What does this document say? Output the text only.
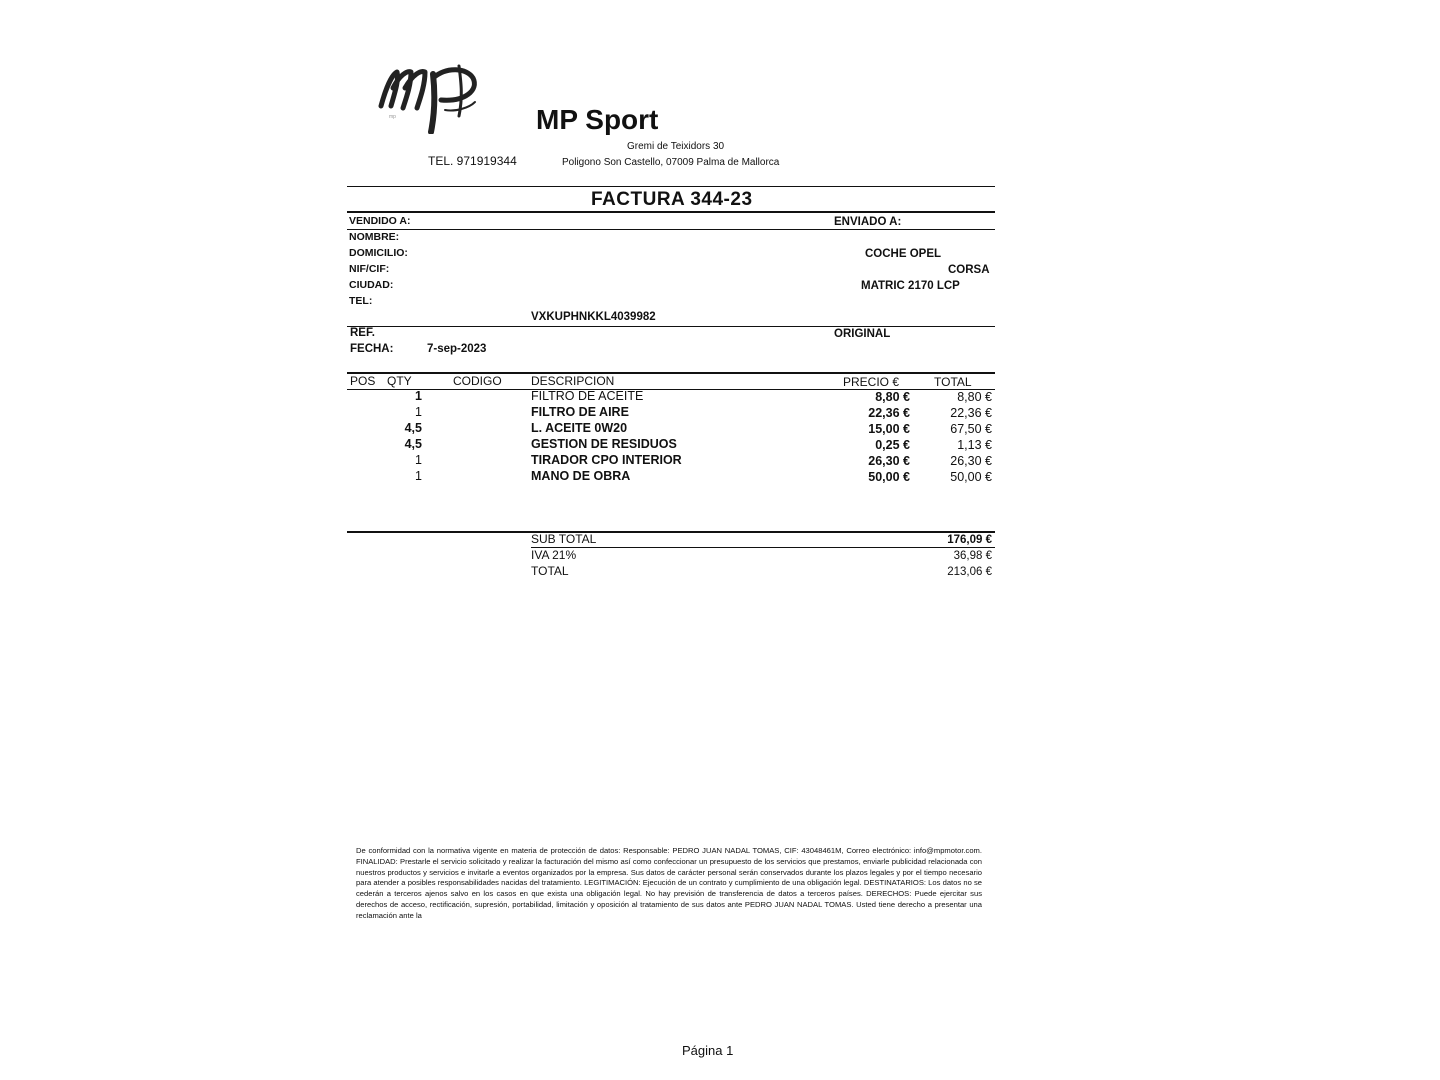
mp	MP Sport
Gremi de Teixidors 30
TEL. 971919344	Poligono Son Castello, 07009 Palma de Mallorca
FACTURA 344-23
VENDIDO A:	ENVIADO A:
NOMBRE:
DOMICILIO:
NIF/CIF:
CIUDAD:
TEL:
COCHE OPEL
CORSA
MATRIC 2170 LCP
VXKUPHNKKL4039982
REF.	ORIGINAL
FECHA:	7-sep-2023
POS QTY	CODIGO DESCRIPCION	PRECIO €	TOTAL
1	FILTRO DE ACEITE	8,80 €	8,80 €
1	FILTRO DE AIRE	22,36 €	22,36 €
4,5	L. ACEITE 0W20	15,00 €	67,50 €
4,5	GESTION DE RESIDUOS	0,25 €	1,13 €
1	TIRADOR CPO INTERIOR	26,30 €	26,30 €
1	MANO DE OBRA	50,00 €	50,00 €
SUB TOTAL	176,09 €
IVA 21%	36,98 €
TOTAL	213,06 €
De conformidad con la normativa vigente en materia de protección de datos: Responsable: PEDRO JUAN NADAL TOMAS, CIF: 43048461M, Correo electrónico: info@mpmotor.com. FINALIDAD: Prestarle el servicio solicitado y realizar la facturación del mismo así como confeccionar un presupuesto de los servicios que prestamos, enviarle publicidad relacionada con nuestros productos y servicios e invitarle a eventos organizados por la empresa. Sus datos de carácter personal serán conservados durante los plazos legales y por el tiempo necesario para atender a posibles responsabilidades nacidas del tratamiento. LEGITIMACIÓN: Ejecución de un contrato y cumplimiento de una obligación legal. DESTINATARIOS: Los datos no se cederán a terceros ajenos salvo en los casos en que exista una obligación legal. No hay previsión de transferencia de datos a terceros países. DERECHOS: Puede ejercitar sus derechos de acceso, rectificación, supresión, portabilidad, limitación y oposición al tratamiento de sus datos ante PEDRO JUAN NADAL TOMAS. Usted tiene derecho a presentar una reclamación ante la
Página 1
